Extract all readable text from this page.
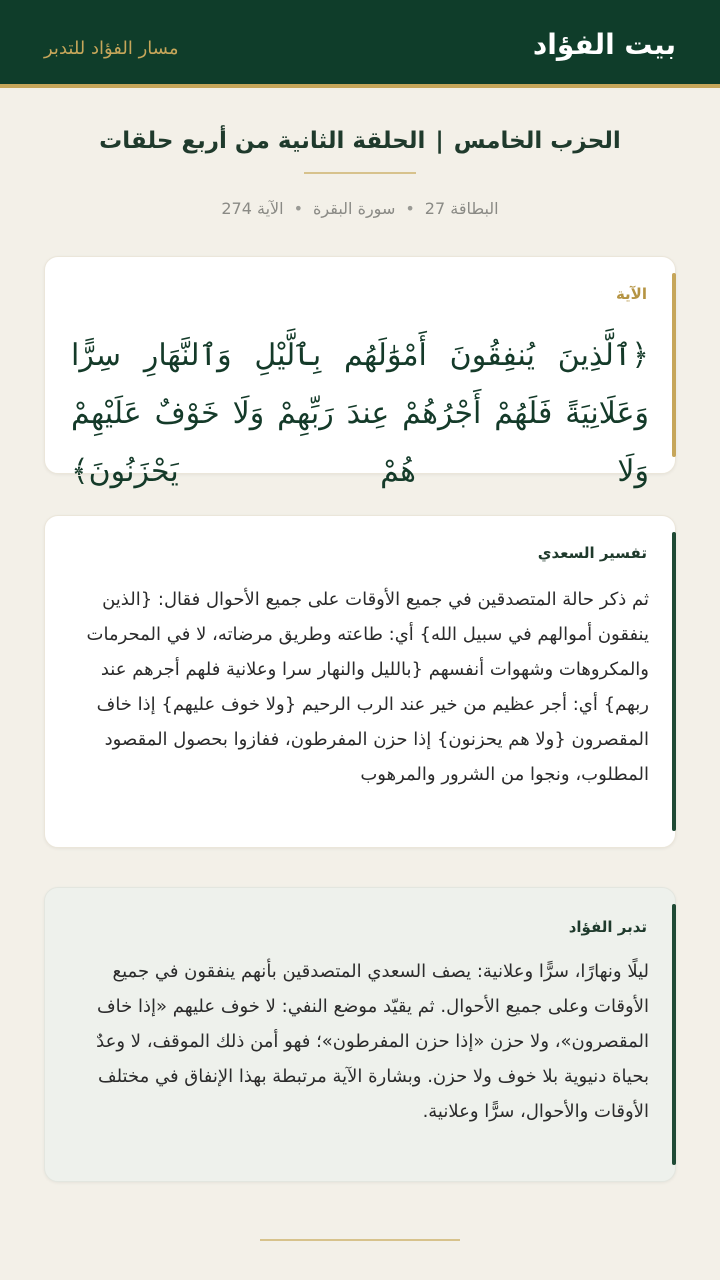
بيت الفؤاد
مسار الفؤاد للتدبر
الحزب الخامس|الحلقة الثانية من أربع حلقات
البطاقة 27•سورة البقرة•الآية 274
الآية
﴿ٱلَّذِينَ يُنفِقُونَ أَمْوَٰلَهُم بِٱلَّيْلِ وَٱلنَّهَارِ سِرًّا وَعَلَانِيَةً فَلَهُمْ أَجْرُهُمْ عِندَ رَبِّهِمْ وَلَا خَوْفٌ عَلَيْهِمْ وَلَا هُمْ يَحْزَنُونَ﴾
تفسير السعدي
ثم ذكر حالة المتصدقين في جميع الأوقات على جميع الأحوال فقال: {الذين ينفقون أموالهم في سبيل الله} أي: طاعته وطريق مرضاته، لا في المحرمات والمكروهات وشهوات أنفسهم {بالليل والنهار سرا وعلانية فلهم أجرهم عند ربهم} أي: أجر عظيم من خير عند الرب الرحيم {ولا خوف عليهم} إذا خاف المقصرون {ولا هم يحزنون} إذا حزن المفرطون، ففازوا بحصول المقصود المطلوب، ونجوا من الشرور والمرهوب
تدبر الفؤاد
ليلًا ونهارًا، سرًّا وعلانية: يصف السعدي المتصدقين بأنهم ينفقون في جميع الأوقات وعلى جميع الأحوال. ثم يقيّد موضع النفي: لا خوف عليهم «إذا خاف المقصرون»، ولا حزن «إذا حزن المفرطون»؛ فهو أمن ذلك الموقف، لا وعدٌ بحياة دنيوية بلا خوف ولا حزن. وبشارة الآية مرتبطة بهذا الإنفاق في مختلف الأوقات والأحوال، سرًّا وعلانية.
